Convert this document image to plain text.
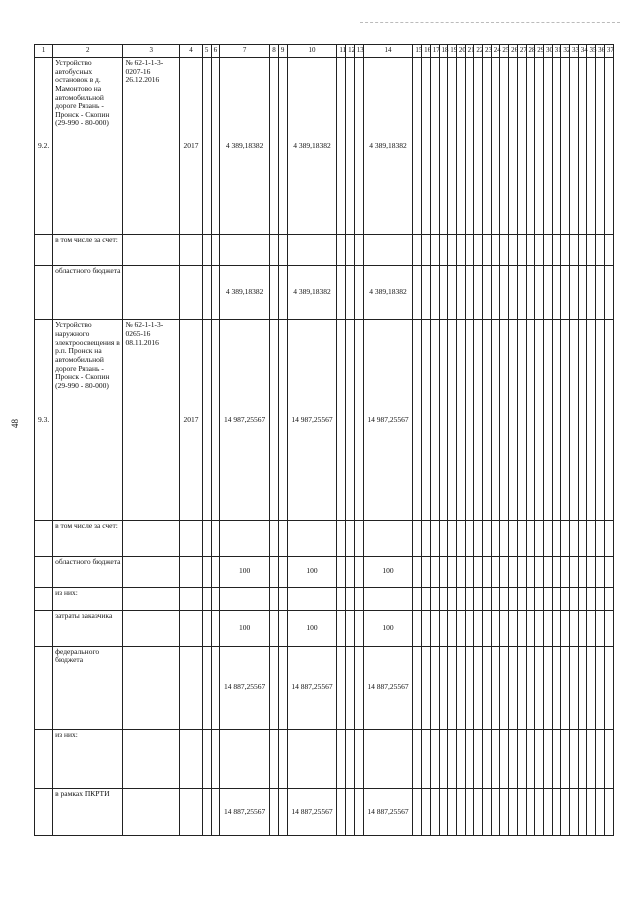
48
1	2	3	4	5	6	7	8	9	10	11	12	13	14	15	16	17	18	19	20	21	22	23	24	25	26	27	28	29	30	31	32	33	34	35	36	37
9.2.	Устройство автобусных остановок в д. Мамонтово на автомобильной дороге Рязань - Пронск - Скопин (29-990 - 80-000)	№ 62-1-1-3-0207-16 26.12.2016	2017			4 389,18382			4 389,18382				4 389,18382																							
	в том числе за счет:																																			
	областного бюджета					4 389,18382			4 389,18382				4 389,18382																							
9.3.	Устройство наружного электроосвещения в р.п. Пронск на автомобильной дороге Рязань - Пронск - Скопин (29-990 - 80-000)	№ 62-1-1-3-0265-16 08.11.2016	2017			14 987,25567			14 987,25567				14 987,25567																							
	в том числе за счет:																																			
	областного бюджета					100			100				100																							
	из них:																																			
	затраты заказчика					100			100				100																							
	федерального бюджета					14 887,25567			14 887,25567				14 887,25567																							
	из них:																																			
	в рамках ПКРТИ					14 887,25567			14 887,25567				14 887,25567																							
